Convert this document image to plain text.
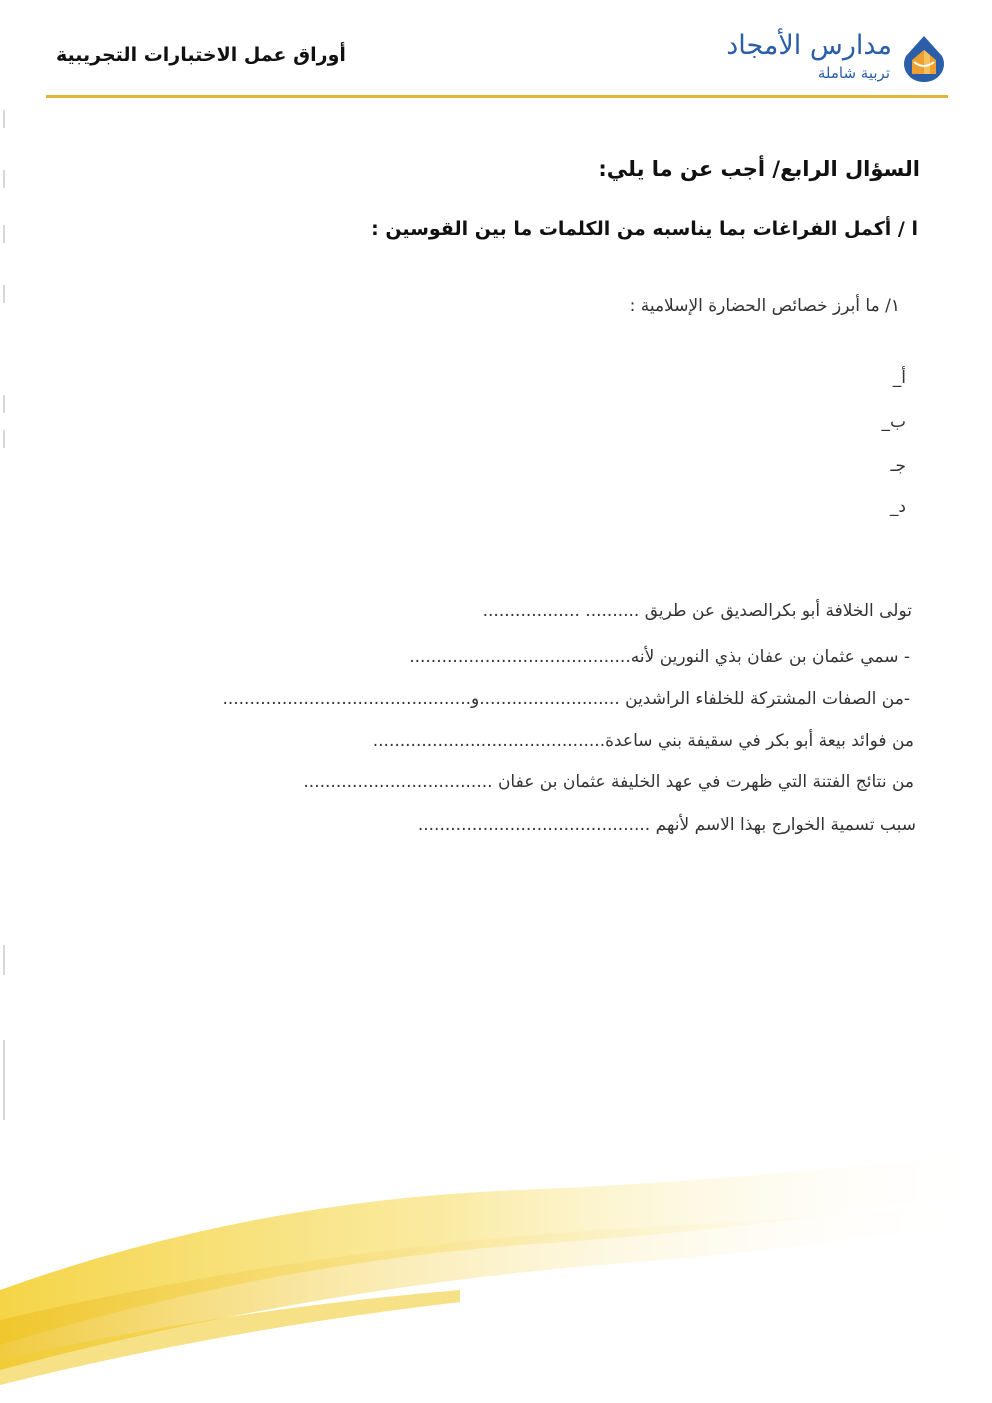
أوراق عمل الاختبارات التجريبية	مدارس الأمجاد
تربية شاملة
السؤال الرابع/ أجب عن ما يلي:
ا / أكمل الفراغات بما يناسبه من الكلمات ما بين القوسين :
١/ ما أبرز خصائص الحضارة الإسلامية :
أ_
ب_
جـ
د_
تولى الخلافة أبو بكرالصديق عن طريق .......... ..................
- سمي عثمان بن عفان بذي النورين لأنه.........................................
-من الصفات المشتركة للخلفاء الراشدين ..........................و..............................................
من فوائد بيعة أبو بكر في سقيفة بني ساعدة...........................................
من نتائج الفتنة التي ظهرت في عهد الخليفة عثمان بن عفان ...................................
سبب تسمية الخوارج بهذا الاسم لأنهم ...........................................
